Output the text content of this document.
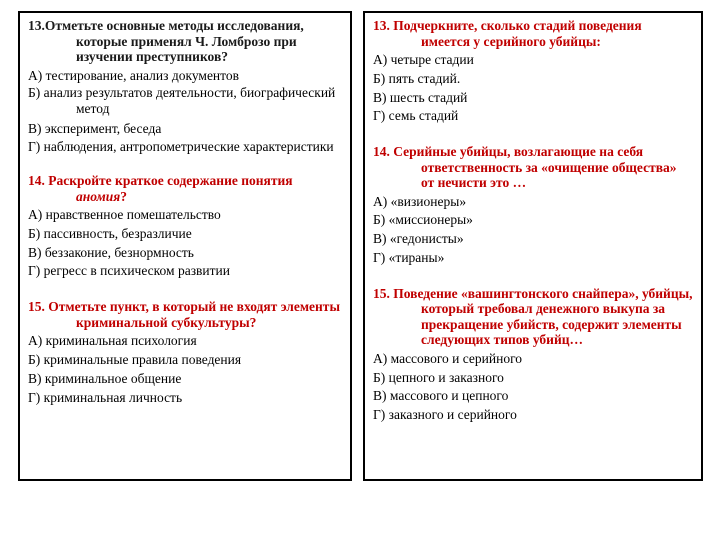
13.Отметьте основные методы исследования, которые применял Ч. Ломброзо при изучении преступников?

А) тестирование, анализ документов

Б) анализ результатов деятельности, биографический метод

В) эксперимент, беседа

Г) наблюдения, антропометрические характеристики

14. Раскройте краткое содержание понятия аномия?

А) нравственное помешательство

Б) пассивность, безразличие

В) беззаконие, безнормность

Г) регресс в психическом развитии

15. Отметьте пункт, в который не входят элементы криминальной субкультуры?

А) криминальная психология

Б) криминальные правила поведения

В) криминальное общение

Г) криминальная личность

13. Подчеркните, сколько стадий поведения имеется у серийного убийцы:

А) четыре стадии

Б) пять стадий.

В) шесть стадий

Г) семь стадий

14. Серийные убийцы, возлагающие на себя ответственность за «очищение общества» от нечисти это …

А) «визионеры»

Б) «миссионеры»

В) «гедонисты»

Г) «тираны»

15. Поведение «вашингтонского снайпера», убийцы, который требовал денежного выкупа за прекращение убийств, содержит элементы следующих типов убийц…

А) массового и серийного

Б) цепного и заказного

В) массового и цепного

Г) заказного и серийного
